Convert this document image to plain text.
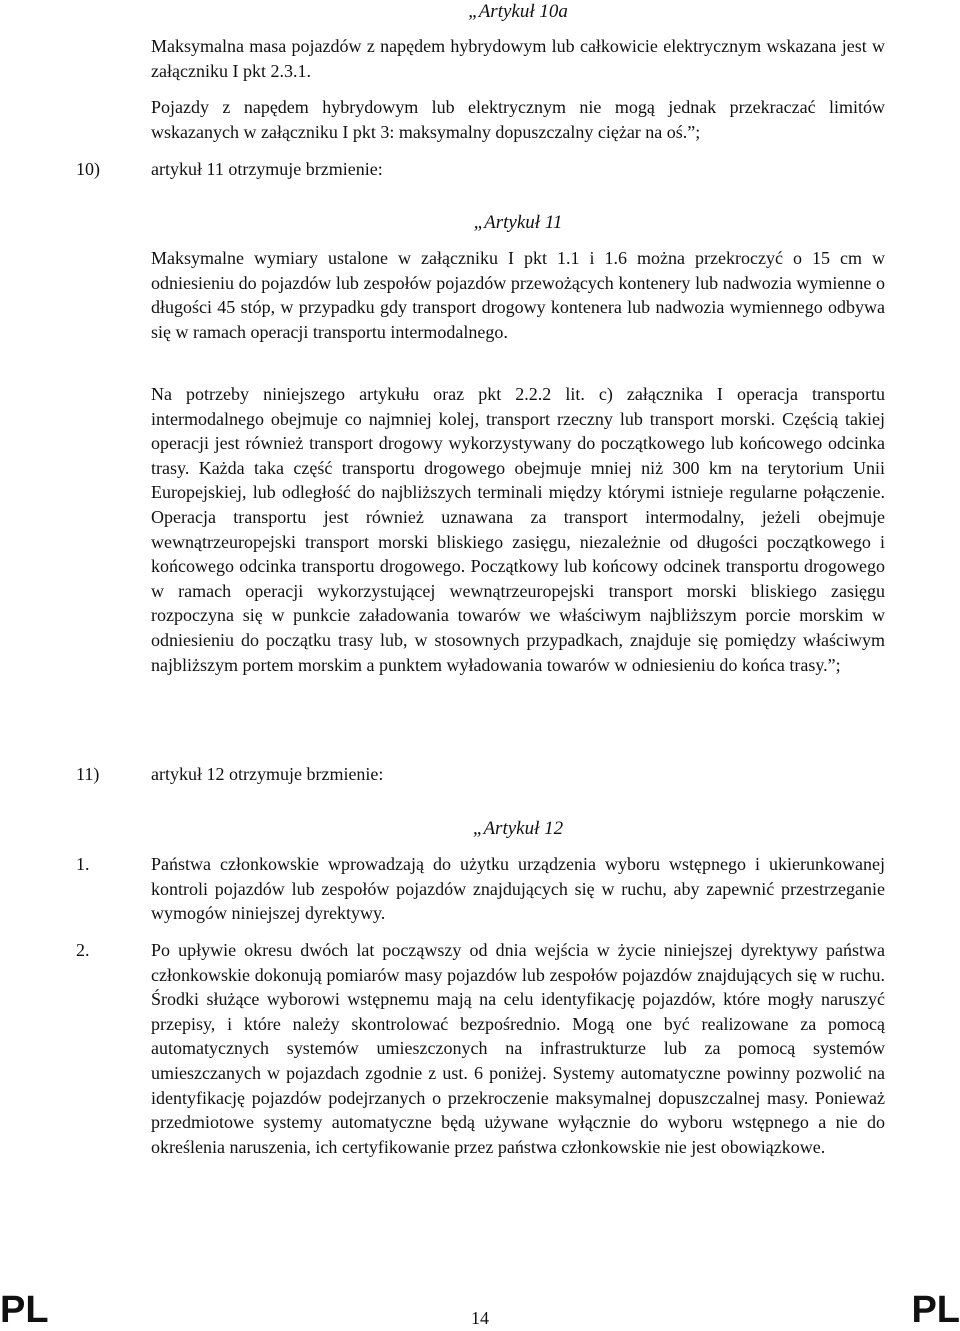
„Artykuł 10a
Maksymalna masa pojazdów z napędem hybrydowym lub całkowicie elektrycznym wskazana jest w załączniku I pkt 2.3.1.
Pojazdy z napędem hybrydowym lub elektrycznym nie mogą jednak przekraczać limitów wskazanych w załączniku I pkt 3: maksymalny dopuszczalny ciężar na oś.”;
10)	artykuł 11 otrzymuje brzmienie:
„Artykuł 11
Maksymalne wymiary ustalone w załączniku I pkt 1.1 i 1.6 można przekroczyć o 15 cm w odniesieniu do pojazdów lub zespołów pojazdów przewożących kontenery lub nadwozia wymienne o długości 45 stóp, w przypadku gdy transport drogowy kontenera lub nadwozia wymiennego odbywa się w ramach operacji transportu intermodalnego.
Na potrzeby niniejszego artykułu oraz pkt 2.2.2 lit. c) załącznika I operacja transportu intermodalnego obejmuje co najmniej kolej, transport rzeczny lub transport morski. Częścią takiej operacji jest również transport drogowy wykorzystywany do początkowego lub końcowego odcinka trasy. Każda taka część transportu drogowego obejmuje mniej niż 300 km na terytorium Unii Europejskiej, lub odległość do najbliższych terminali między którymi istnieje regularne połączenie. Operacja transportu jest również uznawana za transport intermodalny, jeżeli obejmuje wewnątrzeuropejski transport morski bliskiego zasięgu, niezależnie od długości początkowego i końcowego odcinka transportu drogowego. Początkowy lub końcowy odcinek transportu drogowego w ramach operacji wykorzystującej wewnątrzeuropejski transport morski bliskiego zasięgu rozpoczyna się w punkcie załadowania towarów we właściwym najbliższym porcie morskim w odniesieniu do początku trasy lub, w stosownych przypadkach, znajduje się pomiędzy właściwym najbliższym portem morskim a punktem wyładowania towarów w odniesieniu do końca trasy.”;
11)	artykuł 12 otrzymuje brzmienie:
„Artykuł 12
1.	Państwa członkowskie wprowadzają do użytku urządzenia wyboru wstępnego i ukierunkowanej kontroli pojazdów lub zespołów pojazdów znajdujących się w ruchu, aby zapewnić przestrzeganie wymogów niniejszej dyrektywy.
2.	Po upływie okresu dwóch lat począwszy od dnia wejścia w życie niniejszej dyrektywy państwa członkowskie dokonują pomiarów masy pojazdów lub zespołów pojazdów znajdujących się w ruchu. Środki służące wyborowi wstępnemu mają na celu identyfikację pojazdów, które mogły naruszyć przepisy, i które należy skontrolować bezpośrednio. Mogą one być realizowane za pomocą automatycznych systemów umieszczonych na infrastrukturze lub za pomocą systemów umieszczanych w pojazdach zgodnie z ust. 6 poniżej. Systemy automatyczne powinny pozwolić na identyfikację pojazdów podejrzanych o przekroczenie maksymalnej dopuszczalnej masy. Ponieważ przedmiotowe systemy automatyczne będą używane wyłącznie do wyboru wstępnego a nie do określenia naruszenia, ich certyfikowanie przez państwa członkowskie nie jest obowiązkowe.
PL	14	PL
